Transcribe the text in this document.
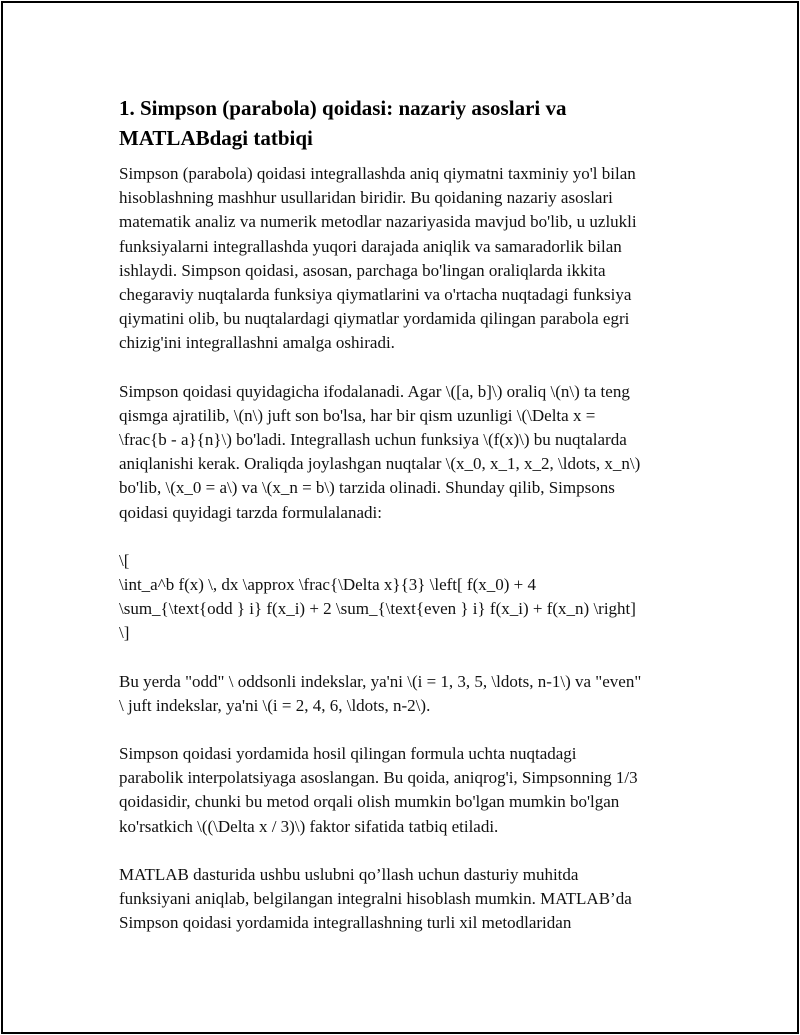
1. Simpson (parabola) qoidasi: nazariy asoslari va
MATLABdagi tatbiqi

Simpson (parabola) qoidasi integrallashda aniq qiymatni taxminiy yo'l bilan
hisoblashning mashhur usullaridan biridir. Bu qoidaning nazariy asoslari
matematik analiz va numerik metodlar nazariyasida mavjud bo'lib, u uzlukli
funksiyalarni integrallashda yuqori darajada aniqlik va samaradorlik bilan
ishlaydi. Simpson qoidasi, asosan, parchaga bo'lingan oraliqlarda ikkita
chegaraviy nuqtalarda funksiya qiymatlarini va o'rtacha nuqtadagi funksiya
qiymatini olib, bu nuqtalardagi qiymatlar yordamida qilingan parabola egri
chizig'ini integrallashni amalga oshiradi.

Simpson qoidasi quyidagicha ifodalanadi. Agar \([a, b]\) oraliq \(n\) ta teng
qismga ajratilib, \(n\) juft son bo'lsa, har bir qism uzunligi \(\Delta x =
\frac{b - a}{n}\) bo'ladi. Integrallash uchun funksiya \(f(x)\) bu nuqtalarda
aniqlanishi kerak. Oraliqda joylashgan nuqtalar \(x_0, x_1, x_2, \ldots, x_n\)
bo'lib, \(x_0 = a\) va \(x_n = b\) tarzida olinadi. Shunday qilib, Simpsons
qoidasi quyidagi tarzda formulalanadi:

\[
\int_a^b f(x) \, dx \approx \frac{\Delta x}{3} \left[ f(x_0) + 4
\sum_{\text{odd } i} f(x_i) + 2 \sum_{\text{even } i} f(x_i) + f(x_n) \right]
\]

Bu yerda "odd" \ oddsonli indekslar, ya'ni \(i = 1, 3, 5, \ldots, n-1\) va "even"
\ juft indekslar, ya'ni \(i = 2, 4, 6, \ldots, n-2\).

Simpson qoidasi yordamida hosil qilingan formula uchta nuqtadagi
parabolik interpolatsiyaga asoslangan. Bu qoida, aniqrog'i, Simpsonning 1/3
qoidasidir, chunki bu metod orqali olish mumkin bo'lgan mumkin bo'lgan
ko'rsatkich \((\Delta x / 3)\) faktor sifatida tatbiq etiladi.

MATLAB dasturida ushbu uslubni qo’llash uchun dasturiy muhitda
funksiyani aniqlab, belgilangan integralni hisoblash mumkin. MATLAB’da
Simpson qoidasi yordamida integrallashning turli xil metodlaridan
